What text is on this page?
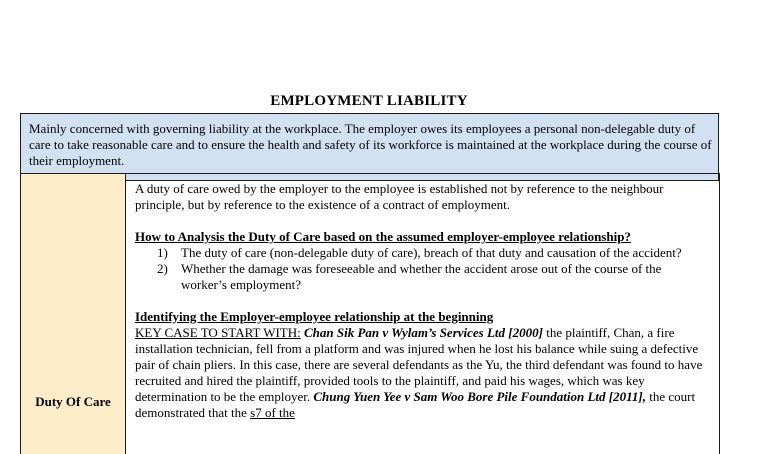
EMPLOYMENT LIABILITY

Mainly concerned with governing liability at the workplace. The employer owes its employees a personal non-delegable duty of care to take reasonable care and to ensure the health and safety of its workforce is maintained at the workplace during the course of their employment.

Duty Of Care

A duty of care owed by the employer to the employee is established not by reference to the neighbour principle, but by reference to the existence of a contract of employment.

How to Analysis the Duty of Care based on the assumed employer-employee relationship?

1) The duty of care (non-delegable duty of care), breach of that duty and causation of the accident?
2) Whether the damage was foreseeable and whether the accident arose out of the course of the worker’s employment?

Identifying the Employer-employee relationship at the beginning

KEY CASE TO START WITH: Chan Sik Pan v Wylam’s Services Ltd [2000] the plaintiff, Chan, a fire installation technician, fell from a platform and was injured when he lost his balance while suing a defective pair of chain pliers. In this case, there are several defendants as the Yu, the third defendant was found to have recruited and hired the plaintiff, provided tools to the plaintiff, and paid his wages, which was key determination to be the employer. Chung Yuen Yee v Sam Woo Bore Pile Foundation Ltd [2011], the court demonstrated that the s7 of the
